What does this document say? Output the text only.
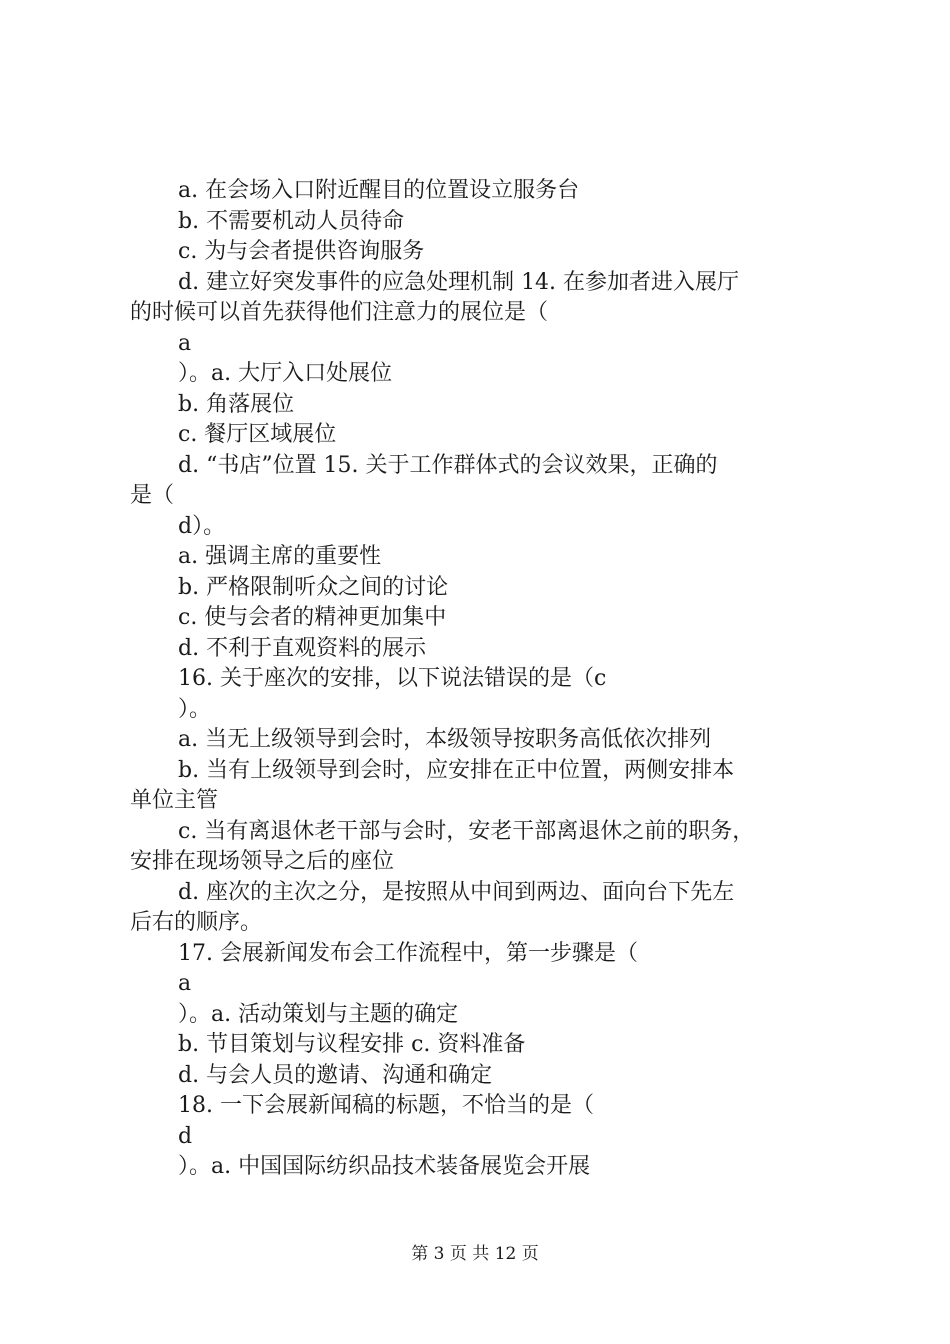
a. 在会场入口附近醒目的位置设立服务台
b. 不需要机动人员待命
c. 为与会者提供咨询服务
d. 建立好突发事件的应急处理机制 14. 在参加者进入展厅
的时候可以首先获得他们注意力的展位是（
a
）。a. 大厅入口处展位
b. 角落展位
c. 餐厅区域展位
d. “书店”位置 15. 关于工作群体式的会议效果，正确的
是（
d）。
a. 强调主席的重要性
b. 严格限制听众之间的讨论
c. 使与会者的精神更加集中
d. 不利于直观资料的展示
16. 关于座次的安排，以下说法错误的是（c
）。
a. 当无上级领导到会时，本级领导按职务高低依次排列
b. 当有上级领导到会时，应安排在正中位置，两侧安排本
单位主管
c. 当有离退休老干部与会时，安老干部离退休之前的职务，
安排在现场领导之后的座位
d. 座次的主次之分，是按照从中间到两边、面向台下先左
后右的顺序。
17. 会展新闻发布会工作流程中，第一步骤是（
a
）。a. 活动策划与主题的确定
b. 节目策划与议程安排 c. 资料准备
d. 与会人员的邀请、沟通和确定
18. 一下会展新闻稿的标题，不恰当的是（
d
）。a. 中国国际纺织品技术装备展览会开展
第 3 页 共 12 页
